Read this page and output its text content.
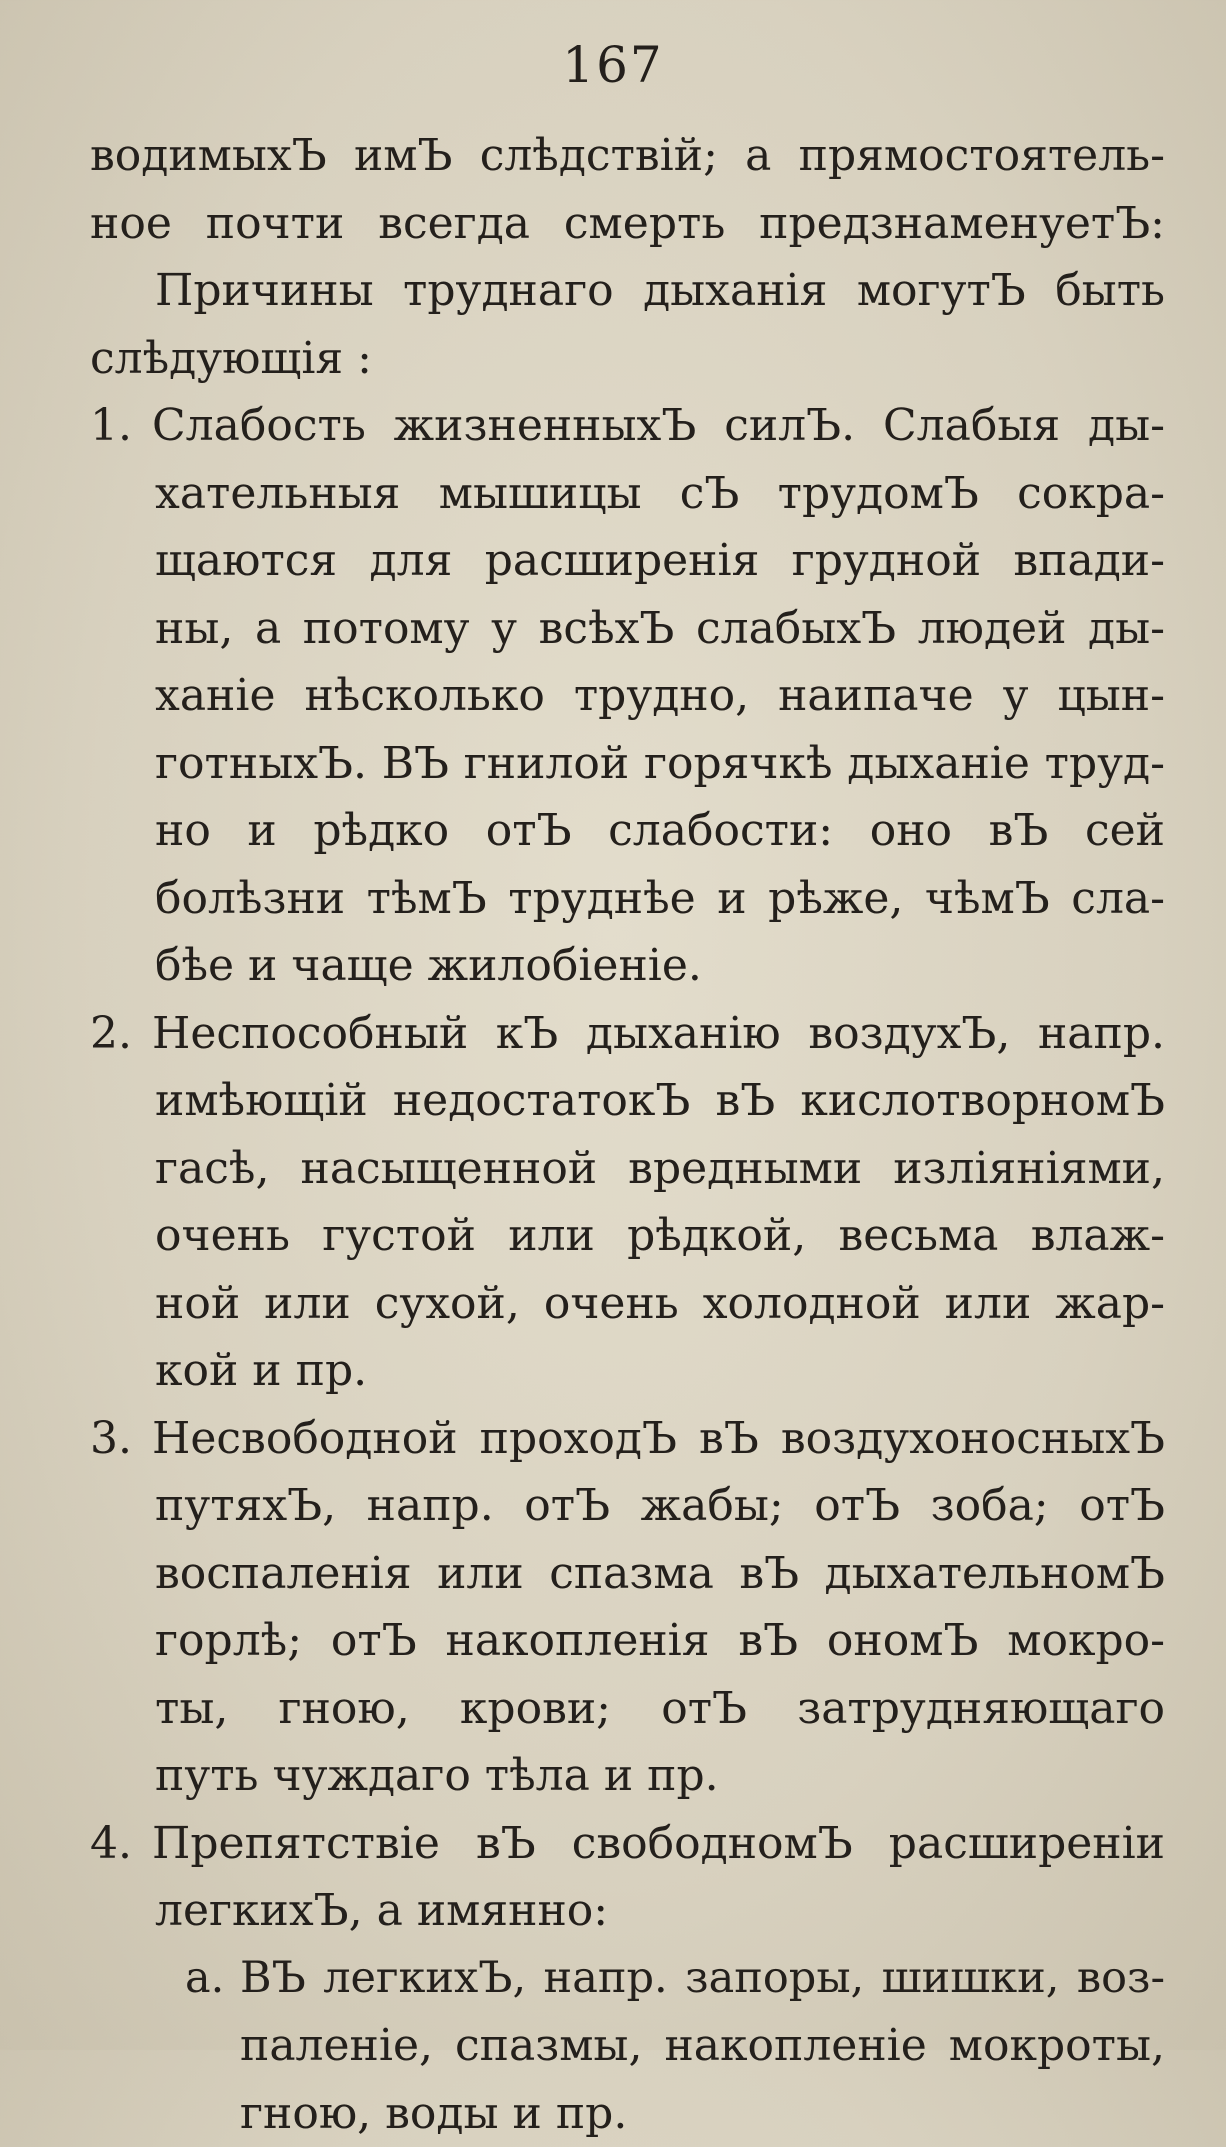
167
водимыхЪ имЪ слѣдствій; а прямостоятель-
ное почти всегда смерть предзнаменуетЪ:
Причины труднаго дыханія могутЪ быть
слѣдующія :
1. Слабость жизненныхЪ силЪ. Слабыя ды-
хательныя мышицы сЪ трудомЪ сокра-
щаются для расширенія грудной впади-
ны, а потому у всѣхЪ слабыхЪ людей ды-
ханіе нѣсколько трудно, наипаче у цын-
готныхЪ. ВЪ гнилой горячкѣ дыханіе труд-
но и рѣдко отЪ слабости: оно вЪ сей
болѣзни тѣмЪ труднѣе и рѣже, чѣмЪ сла-
бѣе и чаще жилобіеніе.
2. Неспособный кЪ дыханію воздухЪ, напр.
имѣющій недостатокЪ вЪ кислотворномЪ
гасѣ, насыщенной вредными изліяніями,
очень густой или рѣдкой, весьма влаж-
ной или сухой, очень холодной или жар-
кой и пр.
3. Несвободной проходЪ вЪ воздухоносныхЪ
путяхЪ, напр. отЪ жабы; отЪ зоба; отЪ
воспаленія или спазма вЪ дыхательномЪ
горлѣ; отЪ накопленія вЪ ономЪ мокро-
ты, гною, крови; отЪ затрудняющаго
путь чуждаго тѣла и пр.
4. Препятствіе вЪ свободномЪ расширеніи
легкихЪ, а имянно:
a. ВЪ легкихЪ, напр. запоры, шишки, воз-
паленіе, спазмы, накопленіе мокроты,
гною, воды и пр.
